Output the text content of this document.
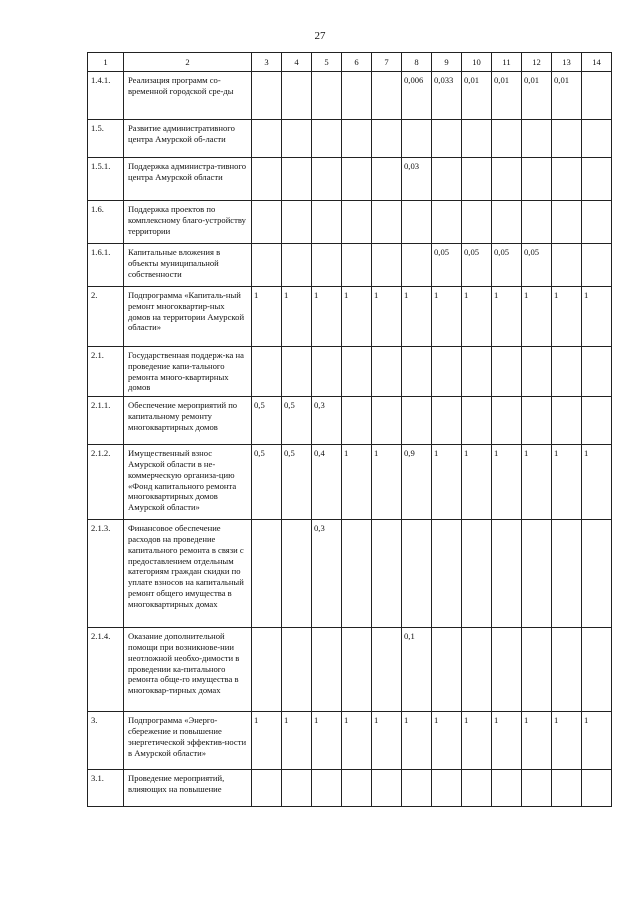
27
1	2	3	4	5	6	7	8	9	10	11	12	13	14
1.4.1.	Реализация программ со-временной городской сре-ды						0,006	0,033	0,01	0,01	0,01	0,01	
1.5.	Развитие административного центра Амурской об-ласти												
1.5.1.	Поддержка администра-тивного центра Амурской области						0,03						
1.6.	Поддержка проектов по комплексному благо-устройству территории												
1.6.1.	Капитальные вложения в объекты муниципальной собственности							0,05	0,05	0,05	0,05		
2.	Подпрограмма «Капиталь-ный ремонт многоквартир-ных домов на территории Амурской области»	1	1	1	1	1	1	1	1	1	1	1	1
2.1.	Государственная поддерж-ка на проведение капи-тального ремонта много-квартирных домов												
2.1.1.	Обеспечение мероприятий по капитальному ремонту многоквартирных домов	0,5	0,5	0,3									
2.1.2.	Имущественный взнос Амурской области в не-коммерческую организа-цию «Фонд капитального ремонта многоквартирных домов Амурской области»	0,5	0,5	0,4	1	1	0,9	1	1	1	1	1	1
2.1.3.	Финансовое обеспечение расходов на проведение капитального ремонта в связи с предоставлением отдельным категориям граждан скидки по уплате взносов на капитальный ремонт общего имущества в многоквартирных домах			0,3									
2.1.4.	Оказание дополнительной помощи при возникнове-нии неотложной необхо-димости в проведении ка-питального ремонта обще-го имущества в многоквар-тирных домах						0,1						
3.	Подпрограмма «Энерго-сбережение и повышение энергетической эффектив-ности в Амурской области»	1	1	1	1	1	1	1	1	1	1	1	1
3.1.	Проведение мероприятий, влияющих на повышение												
